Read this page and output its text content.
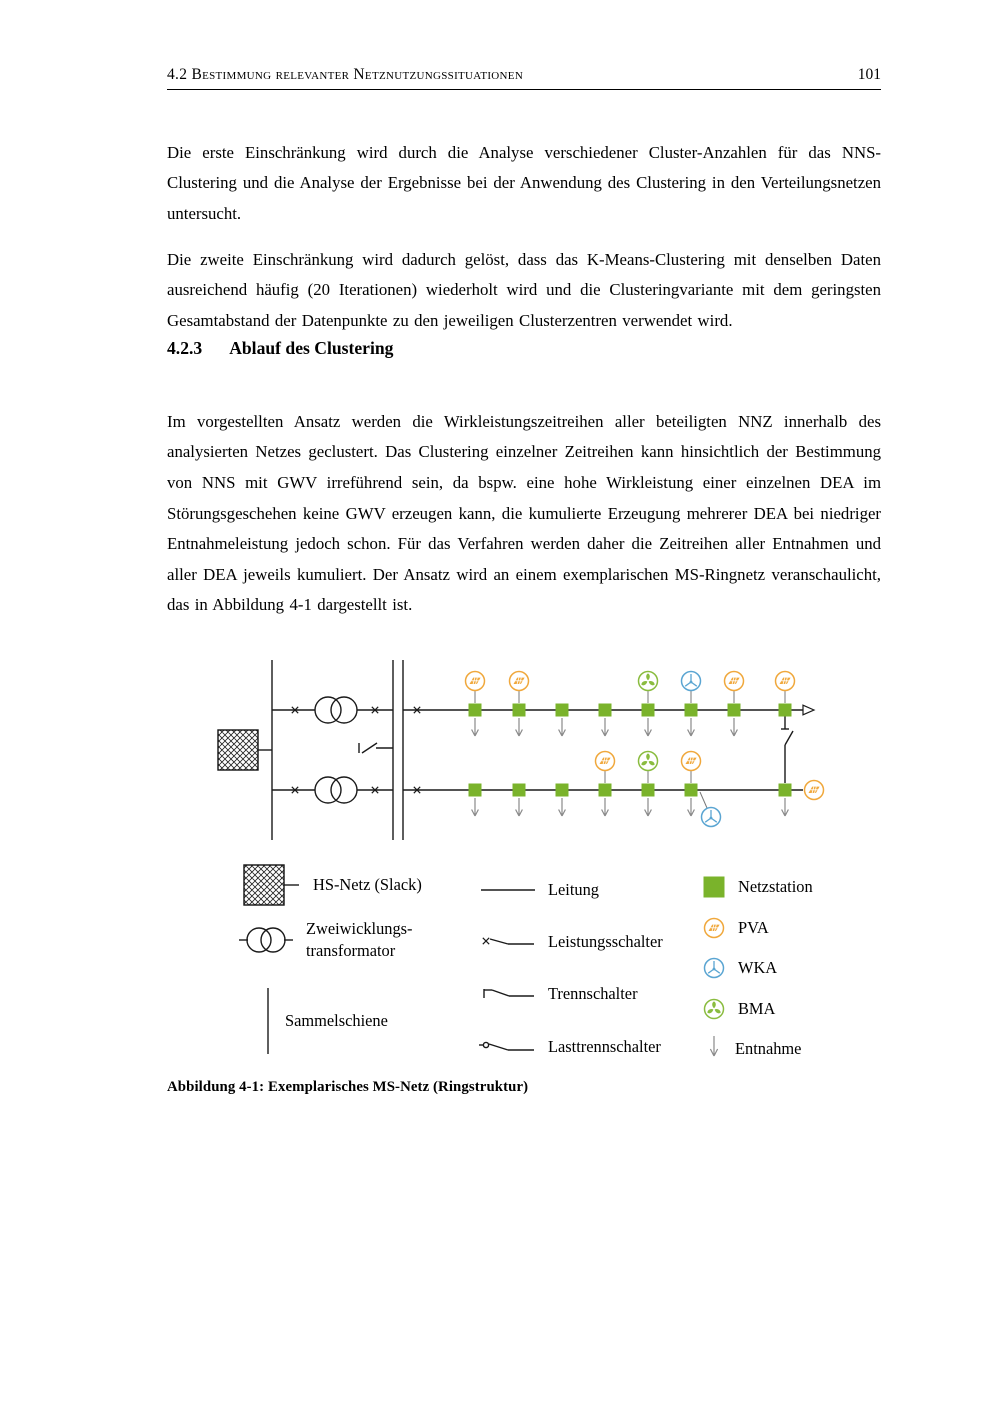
4.2 Bestimmung relevanter Netznutzungssituationen	101

Die erste Einschränkung wird durch die Analyse verschiedener Cluster-Anzahlen für das NNS-Clustering und die Analyse der Ergebnisse bei der Anwendung des Clustering in den Verteilungsnetzen untersucht.

Die zweite Einschränkung wird dadurch gelöst, dass das K-Means-Clustering mit denselben Daten ausreichend häufig (20 Iterationen) wiederholt wird und die Clusteringvariante mit dem geringsten Gesamtabstand der Datenpunkte zu den jeweiligen Clusterzentren verwendet wird.

4.2.3 Ablauf des Clustering

Im vorgestellten Ansatz werden die Wirkleistungszeitreihen aller beteiligten NNZ innerhalb des analysierten Netzes geclustert. Das Clustering einzelner Zeitreihen kann hinsichtlich der Bestimmung von NNS mit GWV irreführend sein, da bspw. eine hohe Wirkleistung einer einzelnen DEA im Störungsgeschehen keine GWV erzeugen kann, die kumulierte Erzeugung mehrerer DEA bei niedriger Entnahmeleistung jedoch schon. Für das Verfahren werden daher die Zeitreihen aller Entnahmen und aller DEA jeweils kumuliert. Der Ansatz wird an einem exemplarischen MS-Ringnetz veranschaulicht, das in Abbildung 4-1 dargestellt ist.

HS-Netz (Slack)
Zweiwicklungs-transformator
Sammelschiene
Leitung
Leistungsschalter
Trennschalter
Lasttrennschalter
Netzstation
PVA
WKA
BMA
Entnahme
Abbildung 4-1: Exemplarisches MS-Netz (Ringstruktur)
